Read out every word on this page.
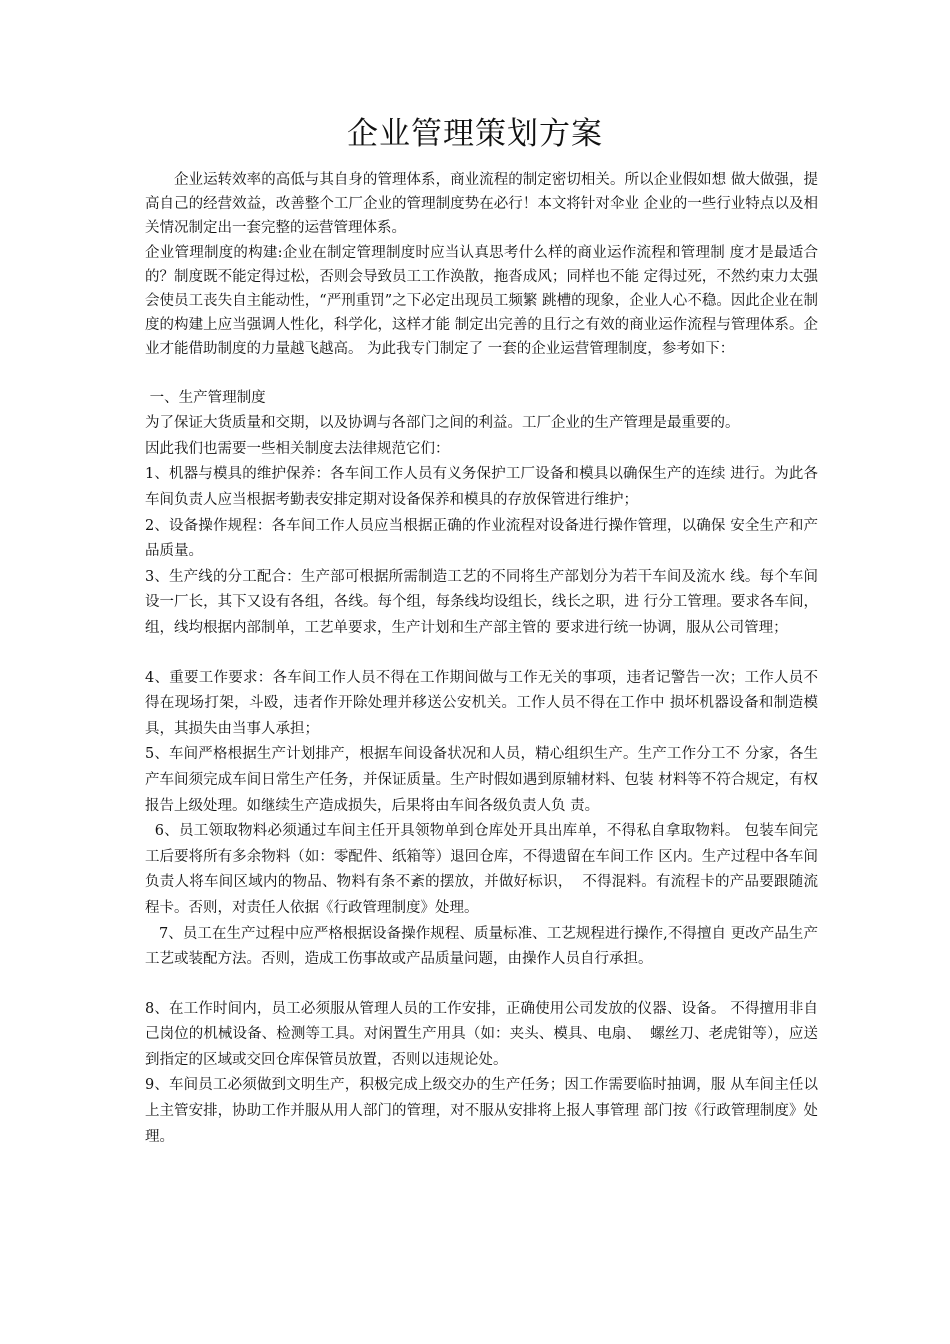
企业管理策划方案

企业运转效率的高低与其自身的管理体系，商业流程的制定密切相关。所以企业假如想 做大做强，提高自己的经营效益，改善整个工厂企业的管理制度势在必行！本文将针对伞业 企业的一些行业特点以及相关情况制定出一套完整的运营管理体系。

企业管理制度的构建:企业在制定管理制度时应当认真思考什么样的商业运作流程和管理制 度才是最适合的？制度既不能定得过松，否则会导致员工工作涣散，拖沓成风；同样也不能 定得过死，不然约束力太强会使员工丧失自主能动性，“严刑重罚”之下必定出现员工频繁 跳槽的现象，企业人心不稳。因此企业在制度的构建上应当强调人性化，科学化，这样才能 制定出完善的且行之有效的商业运作流程与管理体系。企业才能借助制度的力量越飞越高。 为此我专门制定了 一套的企业运营管理制度，参考如下：

一、生产管理制度

为了保证大货质量和交期，以及协调与各部门之间的利益。工厂企业的生产管理是最重要的。

因此我们也需要一些相关制度去法律规范它们：

1、机器与模具的维护保养：各车间工作人员有义务保护工厂设备和模具以确保生产的连续 进行。为此各车间负责人应当根据考勤表安排定期对设备保养和模具的存放保管进行维护；

2、设备操作规程：各车间工作人员应当根据正确的作业流程对设备进行操作管理，以确保 安全生产和产品质量。

3、生产线的分工配合：生产部可根据所需制造工艺的不同将生产部划分为若干车间及流水 线。每个车间设一厂长，其下又设有各组，各线。每个组，每条线均设组长，线长之职，进 行分工管理。要求各车间，组，线均根据内部制单，工艺单要求，生产计划和生产部主管的 要求进行统一协调，服从公司管理；

4、重要工作要求：各车间工作人员不得在工作期间做与工作无关的事项，违者记警告一次；工作人员不得在现场打架，斗殴，违者作开除处理并移送公安机关。工作人员不得在工作中 损坏机器设备和制造模具，其损失由当事人承担；

5、车间严格根据生产计划排产，根据车间设备状况和人员，精心组织生产。生产工作分工不 分家，各生产车间须完成车间日常生产任务，并保证质量。生产时假如遇到原辅材料、包装 材料等不符合规定，有权报告上级处理。如继续生产造成损失，后果将由车间各级负责人负 责。

6、员工领取物料必须通过车间主任开具领物单到仓库处开具出库单，不得私自拿取物料。 包装车间完工后要将所有多余物料（如：零配件、纸箱等）退回仓库，不得遗留在车间工作 区内。生产过程中各车间负责人将车间区域内的物品、物料有条不紊的摆放，并做好标识，  不得混料。有流程卡的产品要跟随流程卡。否则，对责任人依据《行政管理制度》处理。

7、员工在生产过程中应严格根据设备操作规程、质量标准、工艺规程进行操作,不得擅自 更改产品生产工艺或装配方法。否则，造成工伤事故或产品质量问题，由操作人员自行承担。

8、在工作时间内，员工必须服从管理人员的工作安排，正确使用公司发放的仪器、设备。 不得擅用非自己岗位的机械设备、检测等工具。对闲置生产用具（如：夹头、模具、电扇、  螺丝刀、老虎钳等），应送到指定的区域或交回仓库保管员放置，否则以违规论处。

9、车间员工必须做到文明生产，积极完成上级交办的生产任务；因工作需要临时抽调，服 从车间主任以上主管安排，协助工作并服从用人部门的管理，对不服从安排将上报人事管理 部门按《行政管理制度》处理。
